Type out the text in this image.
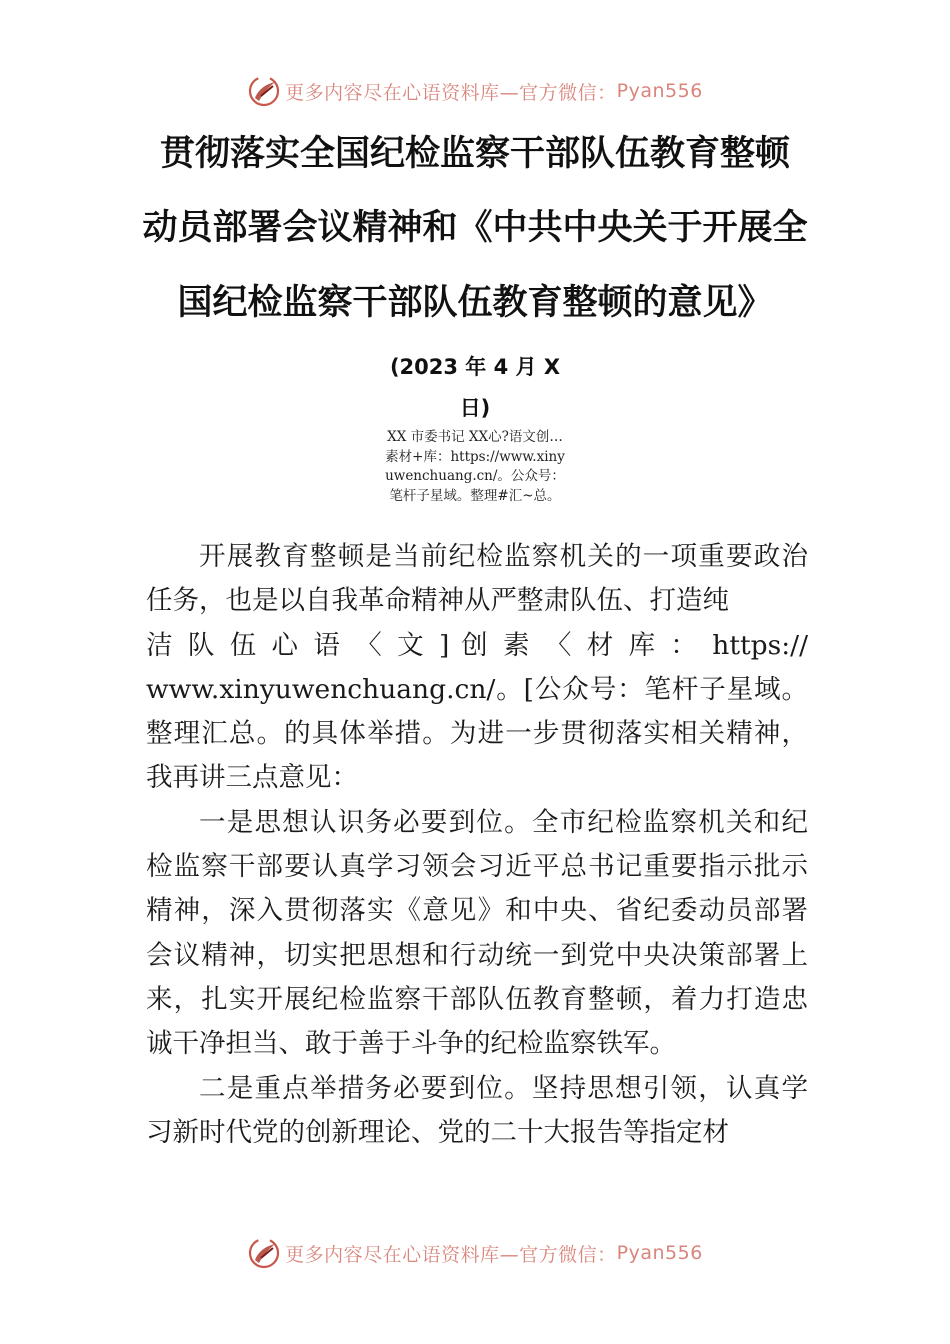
更多内容尽在心语资料库—官方微信： Pyan556
贯彻落实全国纪检监察干部队伍教育整顿
动员部署会议精神和《中共中央关于开展全
国纪检监察干部队伍教育整顿的意见》
(2023 年 4 月 X
日)
XX 市委书记 XX心?语文创…
素材+库：https://www.xiny
uwenchuang.cn/。公众号：
笔杆子星域。整理#汇~总。

开展教育整顿是当前纪检监察机关的一项重要政治任务，也是以自我革命精神从严整肃队伍、打造纯
洁 队 伍 心 语 〈 文 ] 创 素 〈 材 库 ： https://
www.xinyuwenchuang.cn/。[公众号：笔杆子星域。整理汇总。的具体举措。为进一步贯彻落实相关精神，我再讲三点意见：

一是思想认识务必要到位。全市纪检监察机关和纪检监察干部要认真学习领会习近平总书记重要指示批示精神，深入贯彻落实《意见》和中央、省纪委动员部署会议精神，切实把思想和行动统一到党中央决策部署上来，扎实开展纪检监察干部队伍教育整顿，着力打造忠诚干净担当、敢于善于斗争的纪检监察铁军。

二是重点举措务必要到位。坚持思想引领，认真学习新时代党的创新理论、党的二十大报告等指定材

更多内容尽在心语资料库—官方微信： Pyan556
